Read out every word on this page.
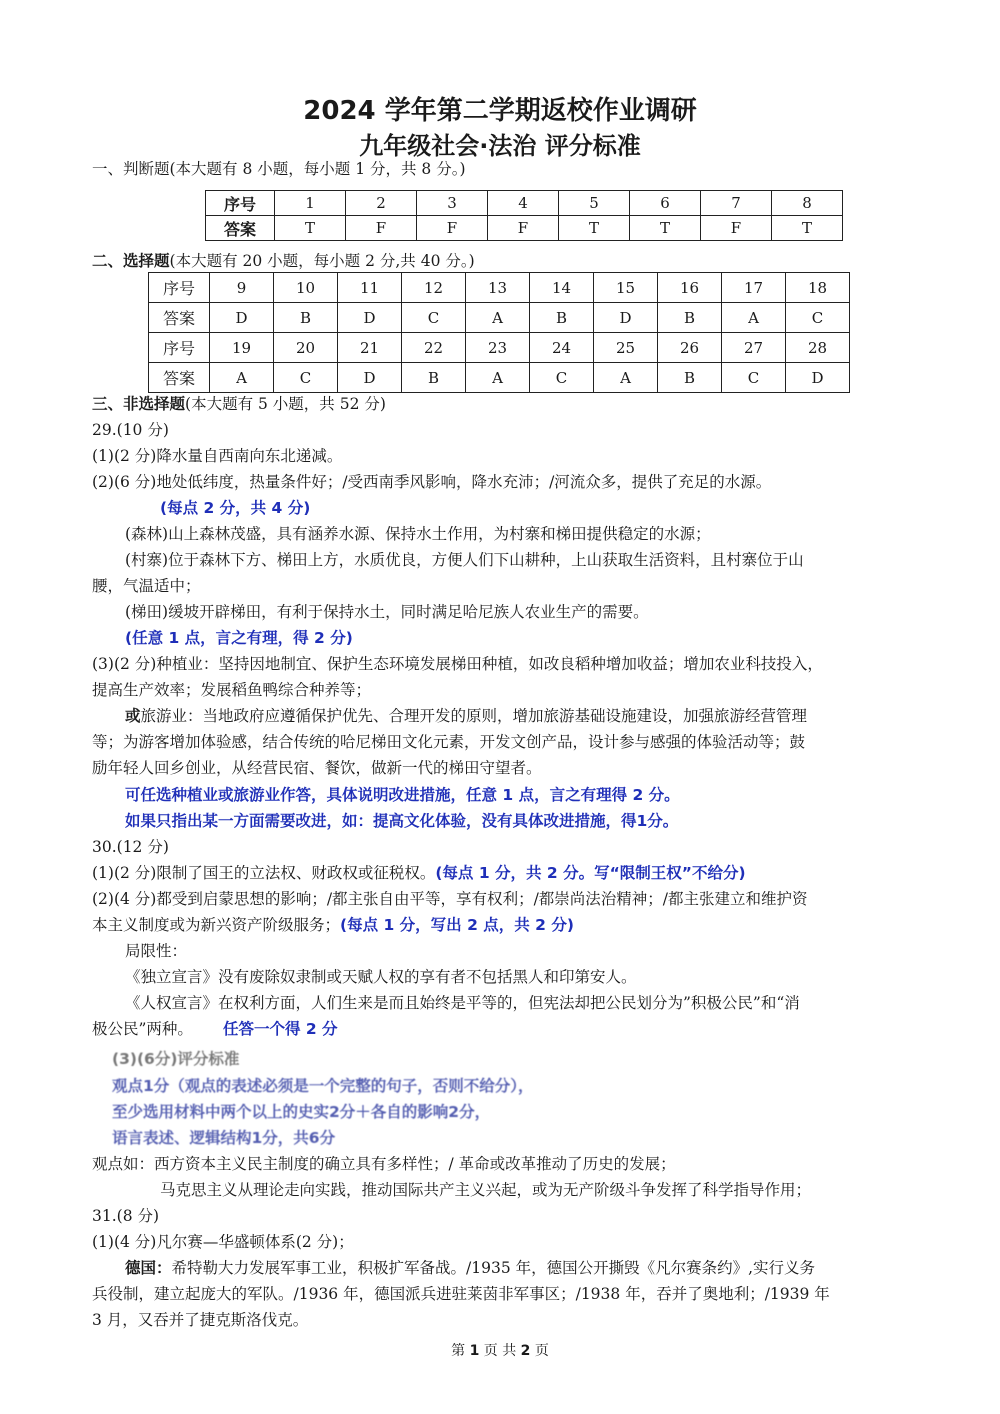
2024 学年第二学期返校作业调研
九年级社会·法治 评分标准
一、判断题(本大题有 8 小题，每小题 1 分，共 8 分。)
序号	1	2	3	4	5	6	7	8
答案	T	F	F	F	T	T	F	T
二、选择题(本大题有 20 小题，每小题 2 分,共 40 分。)
序号	9	10	11	12	13	14	15	16	17	18
答案	D	B	D	C	A	B	D	B	A	C
序号	19	20	21	22	23	24	25	26	27	28
答案	A	C	D	B	A	C	A	B	C	D
三、非选择题(本大题有 5 小题，共 52 分)
29.(10 分)
(1)(2 分)降水量自西南向东北递减。
(2)(6 分)地处低纬度，热量条件好；/受西南季风影响，降水充沛；/河流众多，提供了充足的水源。
(每点 2 分，共 4 分)
(森林)山上森林茂盛，具有涵养水源、保持水土作用，为村寨和梯田提供稳定的水源；
(村寨)位于森林下方、梯田上方，水质优良，方便人们下山耕种，上山获取生活资料，且村寨位于山
腰，气温适中；
(梯田)缓坡开辟梯田，有利于保持水土，同时满足哈尼族人农业生产的需要。
(任意 1 点，言之有理，得 2 分)
(3)(2 分)种植业：坚持因地制宜、保护生态环境发展梯田种植，如改良稻种增加收益；增加农业科技投入，
提高生产效率；发展稻鱼鸭综合种养等；
或旅游业：当地政府应遵循保护优先、合理开发的原则，增加旅游基础设施建设，加强旅游经营管理
等；为游客增加体验感，结合传统的哈尼梯田文化元素，开发文创产品，设计参与感强的体验活动等；鼓
励年轻人回乡创业，从经营民宿、餐饮，做新一代的梯田守望者。
可任选种植业或旅游业作答，具体说明改进措施，任意 1 点，言之有理得 2 分。
如果只指出某一方面需要改进，如：提高文化体验，没有具体改进措施，得1分。
30.(12 分)
(1)(2 分)限制了国王的立法权、财政权或征税权。(每点 1 分，共 2 分。写“限制王权”不给分)
(2)(4 分)都受到启蒙思想的影响；/都主张自由平等，享有权利；/都崇尚法治精神；/都主张建立和维护资
本主义制度或为新兴资产阶级服务；(每点 1 分，写出 2 点，共 2 分)
局限性：
《独立宣言》没有废除奴隶制或天赋人权的享有者不包括黑人和印第安人。
《人权宣言》在权利方面，人们生来是而且始终是平等的，但宪法却把公民划分为”积极公民”和“消
极公民”两种。 任答一个得 2 分
(3)(6分)评分标准
观点1分（观点的表述必须是一个完整的句子，否则不给分），
至少选用材料中两个以上的史实2分＋各自的影响2分，
语言表述、逻辑结构1分，共6分
观点如：西方资本主义民主制度的确立具有多样性；/ 革命或改革推动了历史的发展；
马克思主义从理论走向实践，推动国际共产主义兴起，或为无产阶级斗争发挥了科学指导作用；
31.(8 分)
(1)(4 分)凡尔赛—华盛顿体系(2 分)；
德国：希特勒大力发展军事工业，积极扩军备战。/1935 年，德国公开撕毁《凡尔赛条约》,实行义务
兵役制，建立起庞大的军队。/1936 年，德国派兵进驻莱茵非军事区；/1938 年，吞并了奥地利；/1939 年
3 月，又吞并了捷克斯洛伐克。
第 1 页 共 2 页
